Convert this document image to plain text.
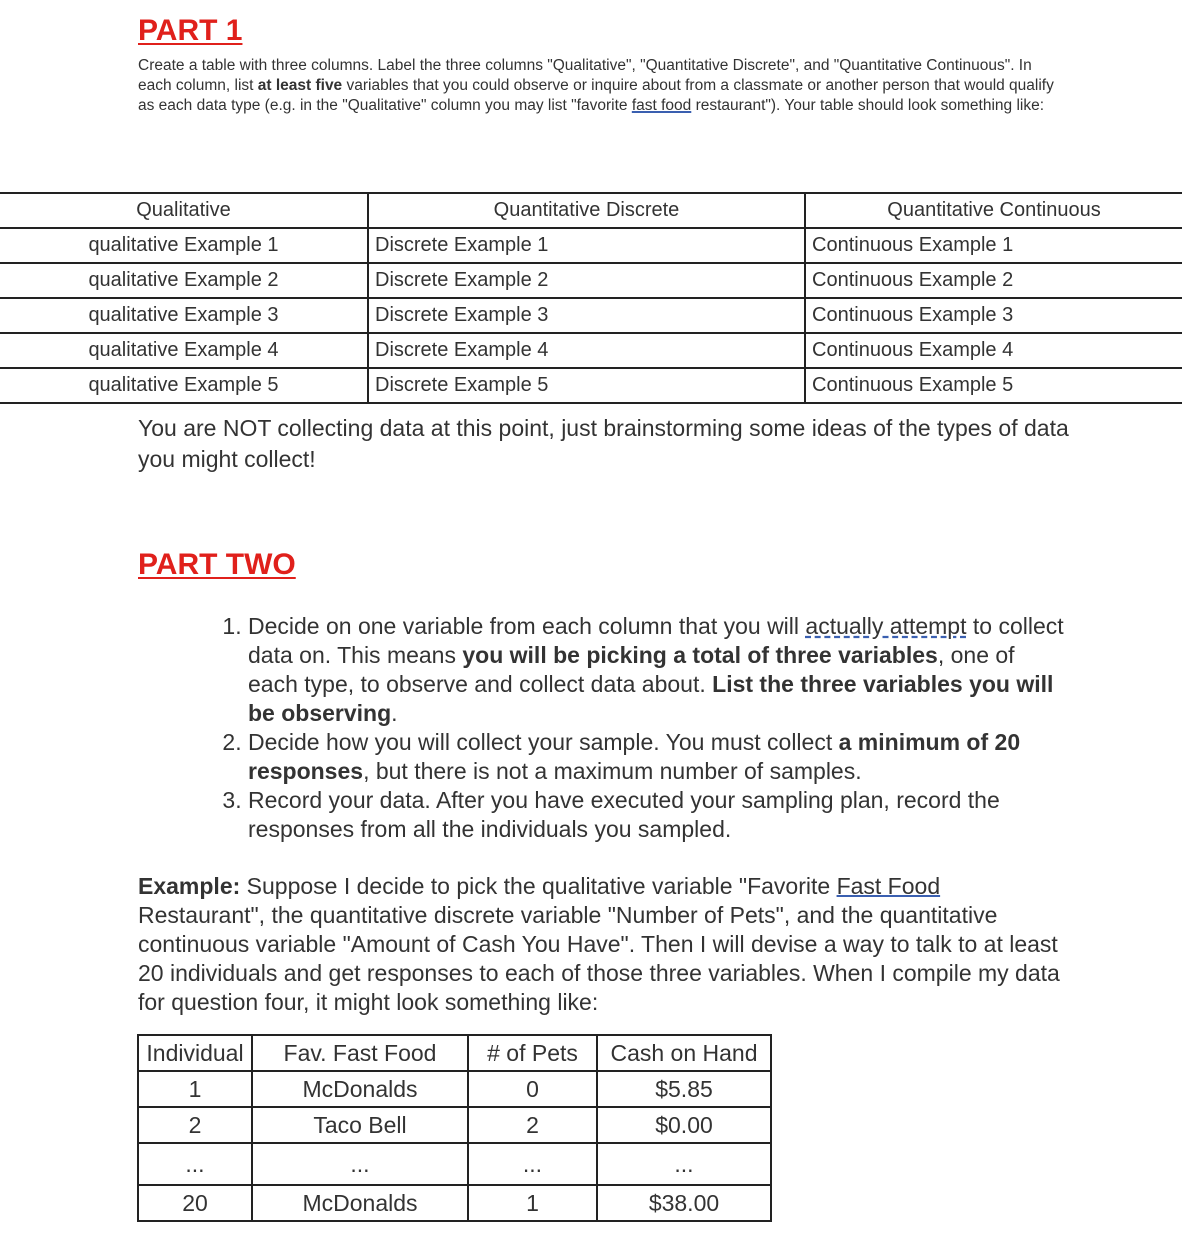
PART 1

Create a table with three columns. Label the three columns "Qualitative", "Quantitative Discrete", and "Quantitative Continuous". In each column, list at least five variables that you could observe or inquire about from a classmate or another person that would qualify as each data type (e.g. in the "Qualitative" column you may list "favorite fast food restaurant"). Your table should look something like:

Qualitative	Quantitative Discrete	Quantitative Continuous
qualitative Example 1	Discrete Example 1	Continuous Example 1
qualitative Example 2	Discrete Example 2	Continuous Example 2
qualitative Example 3	Discrete Example 3	Continuous Example 3
qualitative Example 4	Discrete Example 4	Continuous Example 4
qualitative Example 5	Discrete Example 5	Continuous Example 5
You are NOT collecting data at this point, just brainstorming some ideas of the types of data you might collect!
PART TWO
1. Decide on one variable from each column that you will actually attempt to collect data on. This means you will be picking a total of three variables, one of each type, to observe and collect data about. List the three variables you will be observing.
2. Decide how you will collect your sample. You must collect a minimum of 20 responses, but there is not a maximum number of samples.
3. Record your data. After you have executed your sampling plan, record the responses from all the individuals you sampled.

Example: Suppose I decide to pick the qualitative variable "Favorite Fast Food Restaurant", the quantitative discrete variable "Number of Pets", and the quantitative continuous variable "Amount of Cash You Have". Then I will devise a way to talk to at least 20 individuals and get responses to each of those three variables. When I compile my data for question four, it might look something like:

Individual	Fav. Fast Food	# of Pets	Cash on Hand
1	McDonalds	0	$5.85
2	Taco Bell	2	$0.00
...	...	...	...
20	McDonalds	1	$38.00
